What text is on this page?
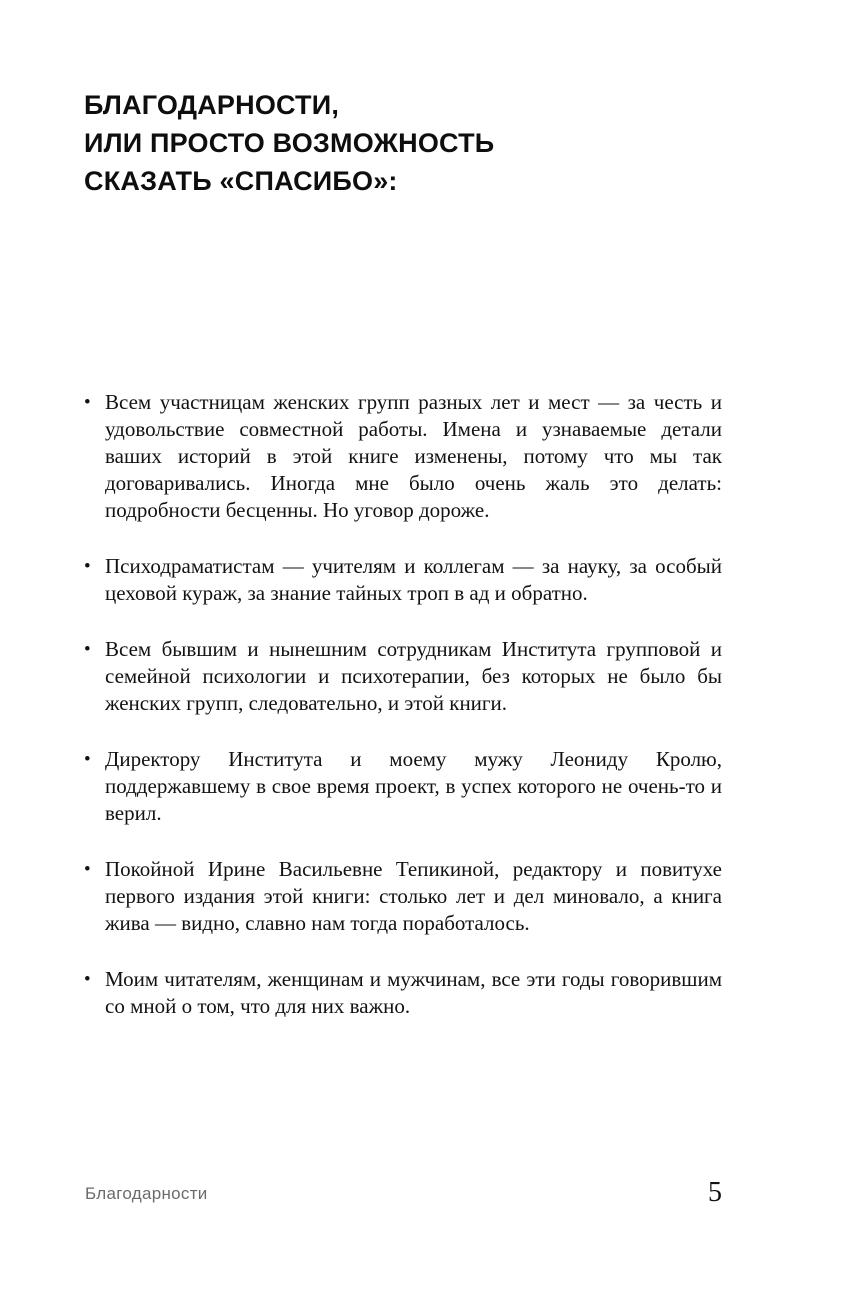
БЛАГОДАРНОСТИ,
ИЛИ ПРОСТО ВОЗМОЖНОСТЬ
СКАЗАТЬ «СПАСИБО»:
• Всем участницам женских групп разных лет и мест — за честь и удовольствие совместной работы. Имена и узнаваемые детали ваших историй в этой книге изменены, потому что мы так договаривались. Иногда мне было очень жаль это делать: подробности бесценны. Но уговор дороже.
• Психодраматистам — учителям и коллегам — за науку, за особый цеховой кураж, за знание тайных троп в ад и обратно.
• Всем бывшим и нынешним сотрудникам Института групповой и семейной психологии и психотерапии, без которых не было бы женских групп, следовательно, и этой книги.
• Директору Института и моему мужу Леониду Кролю, поддержавшему в свое время проект, в успех которого не очень-то и верил.
• Покойной Ирине Васильевне Тепикиной, редактору и повитухе первого издания этой книги: столько лет и дел миновало, а книга жива — видно, славно нам тогда поработалось.
• Моим читателям, женщинам и мужчинам, все эти годы говорившим со мной о том, что для них важно.
Благодарности	5
